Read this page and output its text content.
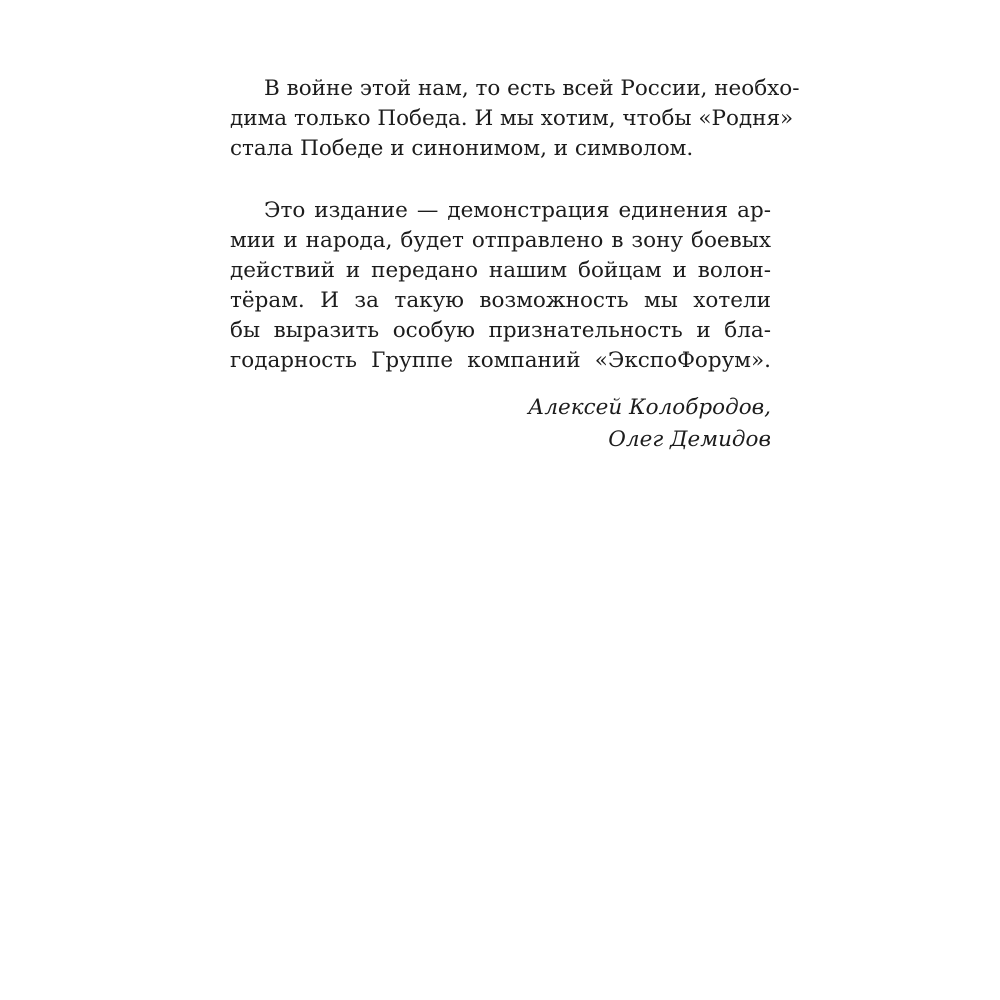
В войне этой нам, то есть всей России, необхо-
дима только Победа. И мы хотим, чтобы «Родня»
стала Победе и синонимом, и символом.
Это издание — демонстрация единения ар-
мии и народа, будет отправлено в зону боевых
действий и передано нашим бойцам и волон-
тёрам. И за такую возможность мы хотели
бы выразить особую признательность и бла-
годарность Группе компаний «ЭкспоФорум».
Алексей Колобродов,
Олег Демидов
